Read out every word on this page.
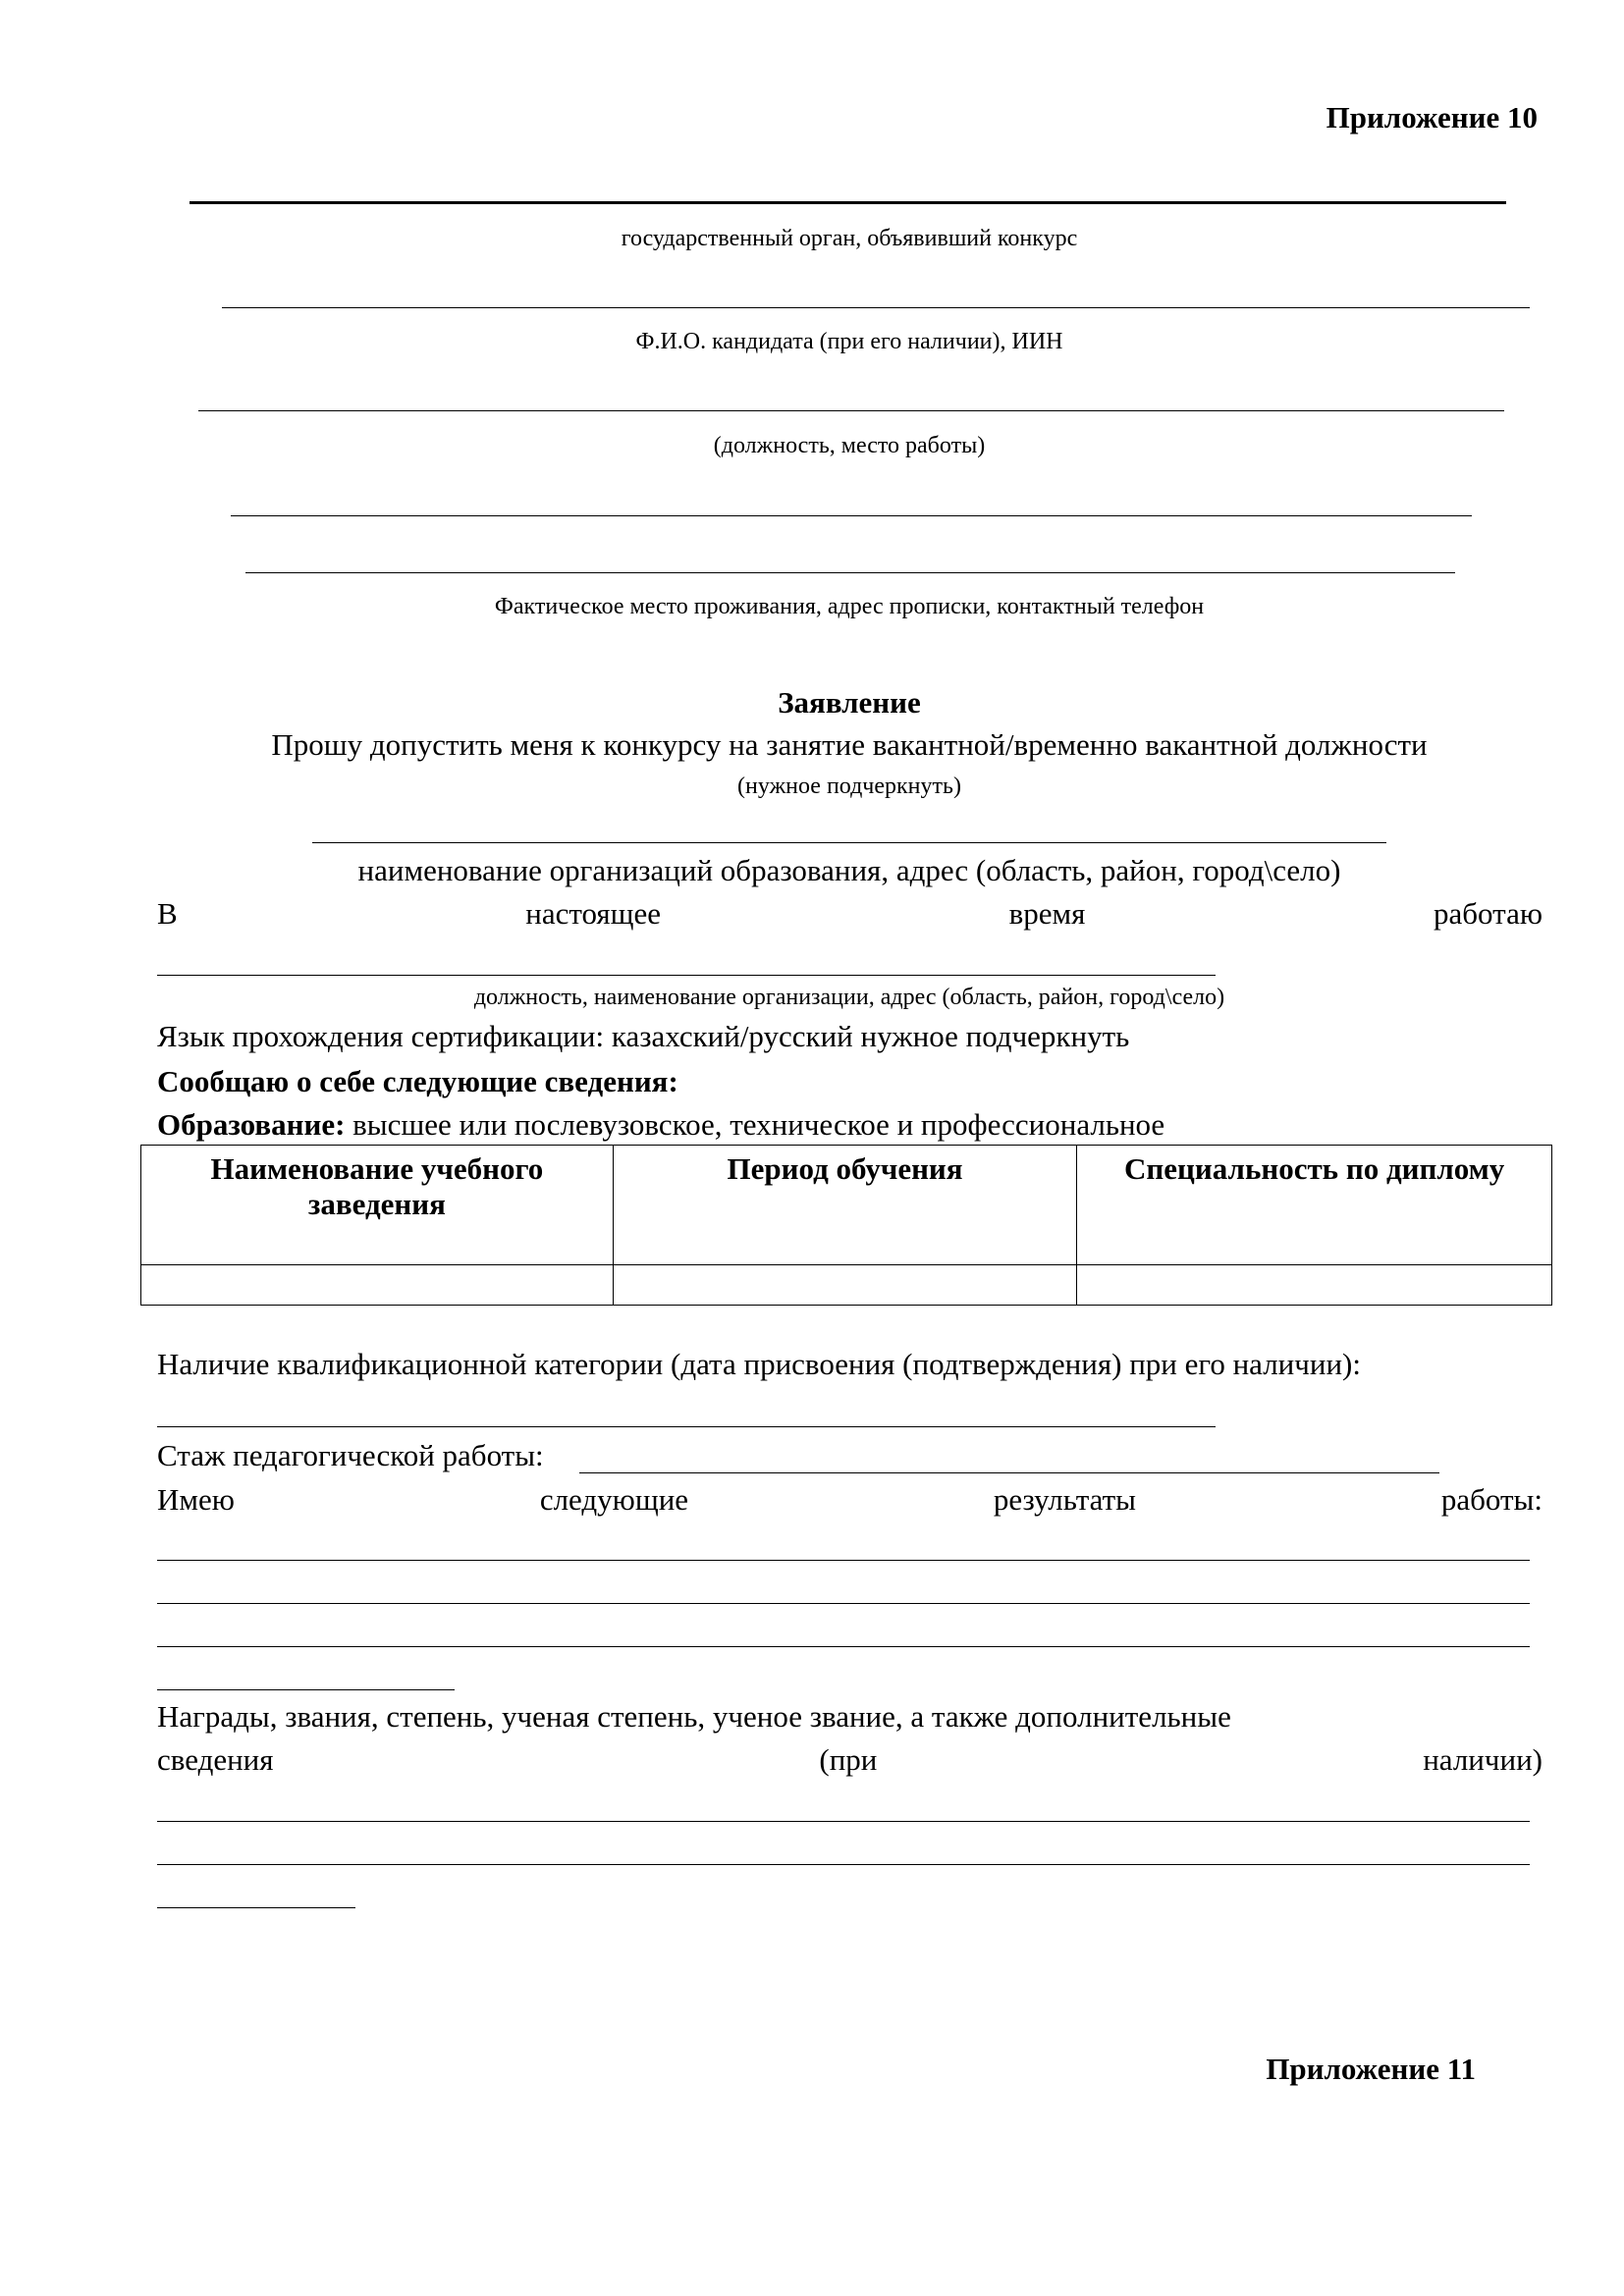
Приложение 10
государственный орган, объявивший конкурс
Ф.И.О. кандидата (при его наличии), ИИН
(должность, место работы)
Фактическое место проживания, адрес прописки, контактный телефон
Заявление
Прошу допустить меня к конкурсу на занятие вакантной/временно вакантной должности
(нужное подчеркнуть)
наименование организаций образования, адрес (область, район, город\село)
В	настоящее	время	работаю
должность, наименование организации, адрес (область, район, город\село)
Язык прохождения сертификации: казахский/русский нужное подчеркнуть
Сообщаю о себе следующие сведения:
Образование: высшее или послевузовское, техническое и профессиональное
Наименование учебного заведения	Период обучения	Специальность по диплому

Наличие квалификационной категории (дата присвоения (подтверждения) при его наличии):
Стаж педагогической работы:
Имею	следующие	результаты	работы:
Награды, звания, степень, ученая степень, ученое звание, а также дополнительные
сведения	(при	наличии)
Приложение 11
